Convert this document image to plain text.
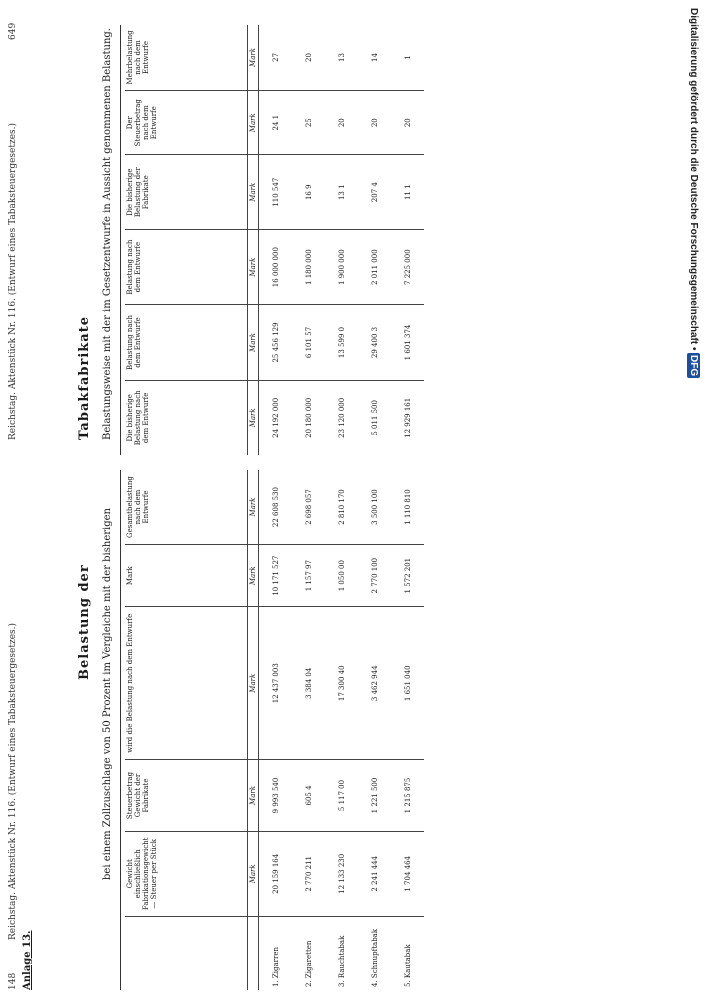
148
Reichstag. Aktenstück Nr. 116. (Entwurf eines Tabaksteuergesetzes.)
Reichstag. Aktenstück Nr. 116. (Entwurf eines Tabaksteuergesetzes.)
649
Anlage 13.
Belastung der bei einem Zollzuschlage von 50 Prozent im Vergleiche mit der bisherigen
Tabakfabrikate Belastungsweise mit der im Gesetzentwurfe in Aussicht genommenen Belastung.
	Gewicht einschließlich Fabrikationsgewicht — Steuer per Stück	Steuerbetrag Gewicht der Fabrikate	wird die Belastung nach dem Entwurfe	Mark	Gesamtbelastung nach dem Entwurfe
	Mark	Mark	Mark	Mark	Mark
1. Zigarren	20 159 164	9 993 540	12 437 003	10 171 527	22 608 530
2. Zigaretten	2 770 211	605 4	3 384 04	1 157 97	2 698 057
3. Rauchtabak	12 133 230	5 117 00	17 300 40	1 050 00	2 810 170
4. Schnupftabak	2 241 444	1 221 500	3 462 944	2 770 100	3 500 100
5. Kautabak	1 704 464	1 215 875	1 651 040	1 572 201	1 110 810
Die bisherige Belastung nach dem Entwurfe	Belastung nach dem Entwurfe	Belastung nach dem Entwurfe	Die bisherige Belastung der Fabrikate	Der Steuerbetrag nach dem Entwurfe	Mehrbelastung nach dem Entwurfe
Mark	Mark	Mark	Mark	Mark	Mark
24 192 000	25 456 129	16 000 000	110 547	24 1	27
20 180 000	6 101 57	1 180 000	16 9	25	20
23 120 000	13 599 0	1 900 000	13 1	20	13
5 011 500	29 400 3	2 011 000	207 4	20	14
12 929 161	1 601 374	7 225 000	11 1	20	1	Digitalisierung gefördert durch die Deutsche Forschungsgemeinschaft • DFG
